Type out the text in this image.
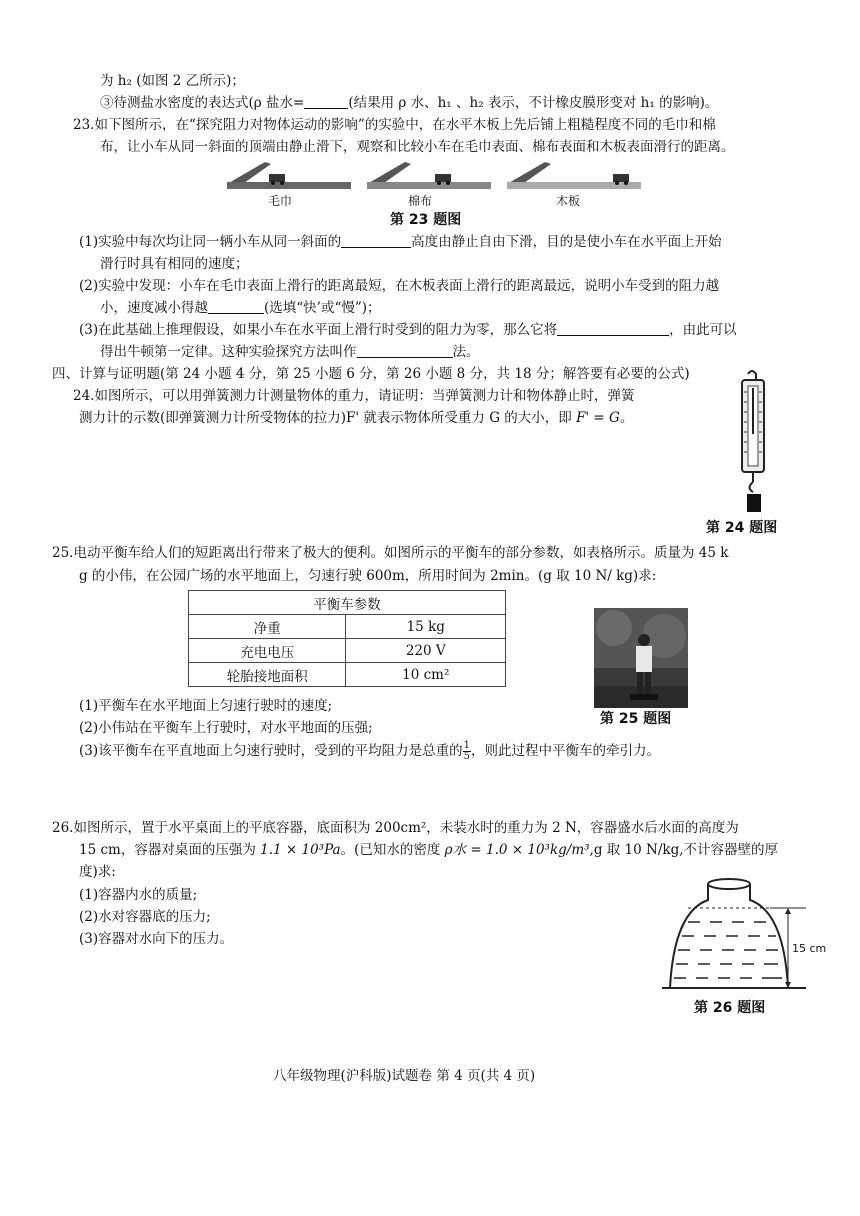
为 h₂ (如图 2 乙所示)；
③待测盐水密度的表达式(ρ 盐水=	(结果用 ρ 水、h₁ 、h₂ 表示，不计橡皮膜形变对 h₁ 的影响)。
23.如下图所示，在“探究阻力对物体运动的影响”的实验中，在水平木板上先后铺上粗糙程度不同的毛巾和棉
布，让小车从同一斜面的顶端由静止滑下，观察和比较小车在毛巾表面、棉布表面和木板表面滑行的距离。
毛巾	棉布	木板
第 23 题图
(1)实验中每次均让同一辆小车从同一斜面的	高度由静止自由下滑，目的是使小车在水平面上开始
滑行时具有相同的速度；
(2)实验中发现：小车在毛巾表面上滑行的距离最短，在木板表面上滑行的距离最远，说明小车受到的阻力越
小，速度减小得越	(选填“快’或“慢”)；
(3)在此基础上推理假设，如果小车在水平面上滑行时受到的阻力为零，那么它将	，由此可以
得出牛顿第一定律。这种实验探究方法叫作	法。
四、计算与证明题(第 24 小题 4 分，第 25 小题 6 分，第 26 小题 8 分，共 18 分；解答要有必要的公式)
24.如图所示，可以用弹簧测力计测量物体的重力，请证明：当弹簧测力计和物体静止时，弹簧
测力计的示数(即弹簧测力计所受物体的拉力)F' 就表示物体所受重力 G 的大小，即 F' = G。
第 24 题图
25.电动平衡车给人们的短距离出行带来了极大的便利。如图所示的平衡车的部分参数，如表格所示。质量为 45 k
g 的小伟，在公园广场的水平地面上，匀速行驶 600m，所用时间为 2min。(g 取 10 N/ kg)求:
平衡车参数	
净重	15 kg
充电电压	220 V
轮胎接地面积	10 cm²
第 25 题图
(1)平衡车在水平地面上匀速行驶时的速度;
(2)小伟站在平衡车上行驶时，对水平地面的压强;
(3)该平衡车在平直地面上匀速行驶时，受到的平均阻力是总重的 $\frac{1}{5}$ ，则此过程中平衡车的牵引力。
26.如图所示，置于水平桌面上的平底容器，底面积为 200cm²，未装水时的重力为 2 N，容器盛水后水面的高度为
15 cm，容器对桌面的压强为 1.1 × 10³Pa。(已知水的密度 ρ水 = 1.0 × 10³kg/m³,g 取 10 N/kg,不计容器壁的厚
度)求:
(1)容器内水的质量;
(2)水对容器底的压力;
(3)容器对水向下的压力。
15 cm
第 26 题图
八年级物理(沪科版)试题卷 第 4 页(共 4 页)
